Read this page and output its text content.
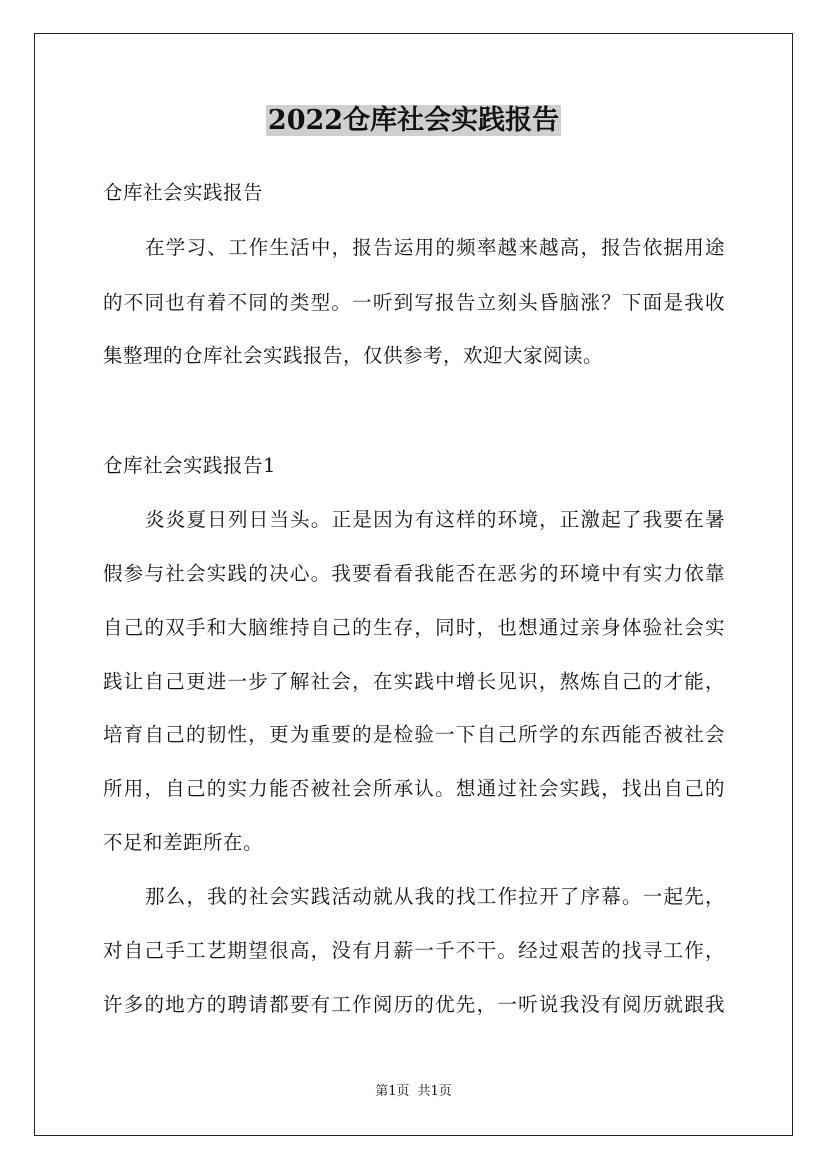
2022仓库社会实践报告
仓库社会实践报告
在学习、工作生活中，报告运用的频率越来越高，报告依据用途
的不同也有着不同的类型。一听到写报告立刻头昏脑涨？下面是我收
集整理的仓库社会实践报告，仅供参考，欢迎大家阅读。
仓库社会实践报告1
炎炎夏日列日当头。正是因为有这样的环境，正激起了我要在暑
假参与社会实践的决心。我要看看我能否在恶劣的环境中有实力依靠
自己的双手和大脑维持自己的生存，同时，也想通过亲身体验社会实
践让自己更进一步了解社会，在实践中增长见识，熬炼自己的才能，
培育自己的韧性，更为重要的是检验一下自己所学的东西能否被社会
所用，自己的实力能否被社会所承认。想通过社会实践，找出自己的
不足和差距所在。
那么，我的社会实践活动就从我的找工作拉开了序幕。一起先，
对自己手工艺期望很高，没有月薪一千不干。经过艰苦的找寻工作，
许多的地方的聘请都要有工作阅历的优先，一听说我没有阅历就跟我
第1页 共1页
